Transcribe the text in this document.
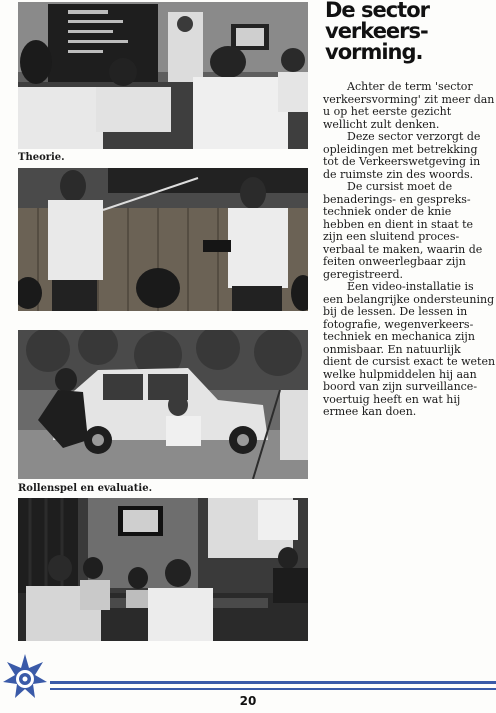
Theorie.
Rollenspel en evaluatie.
De sector
verkeers-
vorming.
Achter de term 'sector
verkeersvorming' zit meer dan
u op het eerste gezicht
wellicht zult denken.
Deze sector verzorgt de
opleidingen met betrekking
tot de Verkeerswetgeving in
de ruimste zin des woords.
De cursist moet de
benaderings- en gespreks-
techniek onder de knie
hebben en dient in staat te
zijn een sluitend proces-
verbaal te maken, waarin de
feiten onweerlegbaar zijn
geregistreerd.
Een video-installatie is
een belangrijke ondersteuning
bij de lessen. De lessen in
fotografie, wegenverkeers-
techniek en mechanica zijn
onmisbaar. En natuurlijk
dient de cursist exact te weten
welke hulpmiddelen hij aan
boord van zijn surveillance-
voertuig heeft en wat hij
ermee kan doen.
20
